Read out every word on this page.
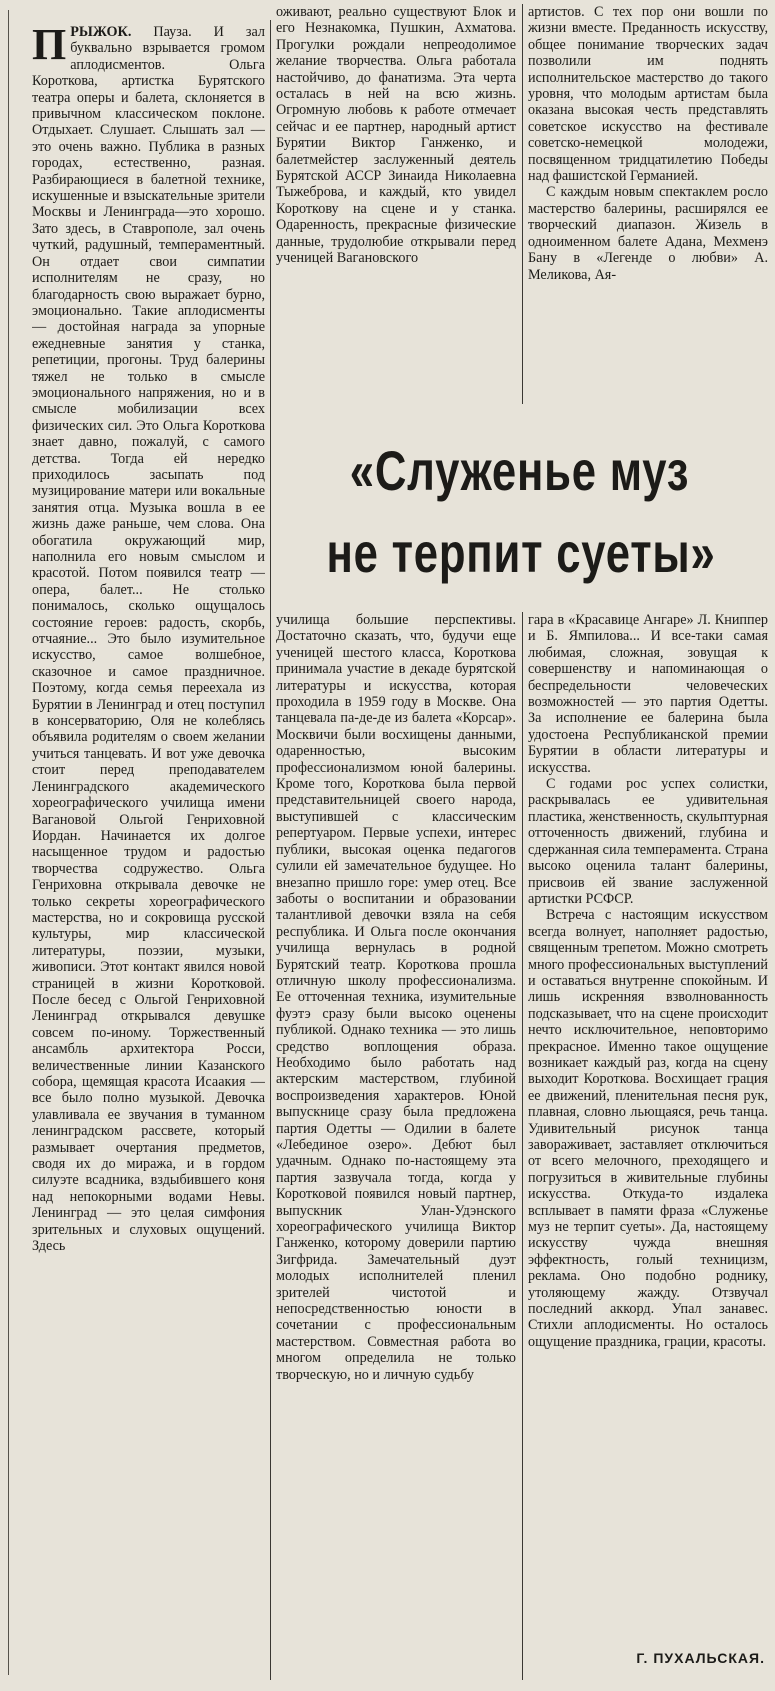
ПРЫЖОК. Пауза. И зал буквально взрывается громом аплодисментов. Ольга Короткова, артистка Бурятского театра оперы и балета, склоняется в привычном классическом поклоне. Отдыхает. Слушает. Слышать зал — это очень важно. Публика в разных городах, естественно, разная. Разбирающиеся в балетной технике, искушенные и взыскательные зрители Москвы и Ленинграда—это хорошо. Зато здесь, в Ставрополе, зал очень чуткий, радушный, темпераментный. Он отдает свои симпатии исполнителям не сразу, но благодарность свою выражает бурно, эмоционально. Такие аплодисменты — достойная награда за упорные ежедневные занятия у станка, репетиции, прогоны. Труд балерины тяжел не только в смысле эмоционального напряжения, но и в смысле мобилизации всех физических сил. Это Ольга Короткова знает давно, пожалуй, с самого детства. Тогда ей нередко приходилось засыпать под музицирование матери или вокальные занятия отца. Музыка вошла в ее жизнь даже раньше, чем слова. Она обогатила окружающий мир, наполнила его новым смыслом и красотой. Потом появился театр — опера, балет... Не столько понималось, сколько ощущалось состояние героев: радость, скорбь, отчаяние... Это было изумительное искусство, самое волшебное, сказочное и самое праздничное. Поэтому, когда семья переехала из Бурятии в Ленинград и отец поступил в консерваторию, Оля не колеблясь объявила родителям о своем желании учиться танцевать. И вот уже девочка стоит перед преподавателем Ленинградского академического хореографического училища имени Вагановой Ольгой Генриховной Иордан. Начинается их долгое насыщенное трудом и радостью творчества содружество. Ольга Генриховна открывала девочке не только секреты хореографического мастерства, но и сокровища русской культуры, мир классической литературы, поэзии, музыки, живописи. Этот контакт явился новой страницей в жизни Коротковой. После бесед с Ольгой Генриховной Ленинград открывался девушке совсем по-иному. Торжественный ансамбль архитектора Росси, величественные линии Казанского собора, щемящая красота Исаакия — все было полно музыкой. Девочка улавливала ее звучания в туманном ленинградском рассвете, который размывает очертания предметов, сводя их до миража, и в гордом силуэте всадника, вздыбившего коня над непокорными водами Невы. Ленинград — это целая симфония зрительных и слуховых ощущений. Здесь

оживают, реально существуют Блок и его Незнакомка, Пушкин, Ахматова. Прогулки рождали непреодолимое желание творчества. Ольга работала настойчиво, до фанатизма. Эта черта осталась в ней на всю жизнь. Огромную любовь к работе отмечает сейчас и ее партнер, народный артист Бурятии Виктор Ганженко, и балетмейстер заслуженный деятель Бурятской АССР Зинаида Николаевна Тыжеброва, и каждый, кто увидел Короткову на сцене и у станка. Одаренность, прекрасные физические данные, трудолюбие открывали перед ученицей Вагановского

артистов. С тех пор они вошли по жизни вместе. Преданность искусству, общее понимание творческих задач позволили им поднять исполнительское мастерство до такого уровня, что молодым артистам была оказана высокая честь представлять советское искусство на фестивале советско-немецкой молодежи, посвященном тридцатилетию Победы над фашистской Германией.

С каждым новым спектаклем росло мастерство балерины, расширялся ее творческий диапазон. Жизель в одноименном балете Адана, Мехменэ Бану в «Легенде о любви» А. Меликова, Ая-

«Служенье муз
не терпит суеты»

училища большие перспективы. Достаточно сказать, что, будучи еще ученицей шестого класса, Короткова принимала участие в декаде бурятской литературы и искусства, которая проходила в 1959 году в Москве. Она танцевала па-де-де из балета «Корсар». Москвичи были восхищены данными, одаренностью, высоким профессионализмом юной балерины. Кроме того, Короткова была первой представительницей своего народа, выступившей с классическим репертуаром. Первые успехи, интерес публики, высокая оценка педагогов сулили ей замечательное будущее. Но внезапно пришло горе: умер отец. Все заботы о воспитании и образовании талантливой девочки взяла на себя республика. И Ольга после окончания училища вернулась в родной Бурятский театр. Короткова прошла отличную школу профессионализма. Ее отточенная техника, изумительные фуэтэ сразу были высоко оценены публикой. Однако техника — это лишь средство воплощения образа. Необходимо было работать над актерским мастерством, глубиной воспроизведения характеров. Юной выпускнице сразу была предложена партия Одетты — Одилии в балете «Лебединое озеро». Дебют был удачным. Однако по-настоящему эта партия зазвучала тогда, когда у Коротковой появился новый партнер, выпускник Улан-Удэнского хореографического училища Виктор Ганженко, которому доверили партию Зигфрида. Замечательный дуэт молодых исполнителей пленил зрителей чистотой и непосредственностью юности в сочетании с профессиональным мастерством. Совместная работа во многом определила не только творческую, но и личную судьбу

гара в «Красавице Ангаре» Л. Книппер и Б. Ямпилова... И все-таки самая любимая, сложная, зовущая к совершенству и напоминающая о беспредельности человеческих возможностей — это партия Одетты. За исполнение ее балерина была удостоена Республиканской премии Бурятии в области литературы и искусства.

С годами рос успех солистки, раскрывалась ее удивительная пластика, женственность, скульптурная отточенность движений, глубина и сдержанная сила темперамента. Страна высоко оценила талант балерины, присвоив ей звание заслуженной артистки РСФСР.

Встреча с настоящим искусством всегда волнует, наполняет радостью, священным трепетом. Можно смотреть много профессиональных выступлений и оставаться внутренне спокойным. И лишь искренняя взволнованность подсказывает, что на сцене происходит нечто исключительное, неповторимо прекрасное. Именно такое ощущение возникает каждый раз, когда на сцену выходит Короткова. Восхищает грация ее движений, пленительная песня рук, плавная, словно льющаяся, речь танца. Удивительный рисунок танца завораживает, заставляет отключиться от всего мелочного, преходящего и погрузиться в живительные глубины искусства. Откуда-то издалека всплывает в памяти фраза «Служенье муз не терпит суеты». Да, настоящему искусству чужда внешняя эффектность, голый техницизм, реклама. Оно подобно роднику, утоляющему жажду. Отзвучал последний аккорд. Упал занавес. Стихли аплодисменты. Но осталось ощущение праздника, грации, красоты.

Г. ПУХАЛЬСКАЯ.
